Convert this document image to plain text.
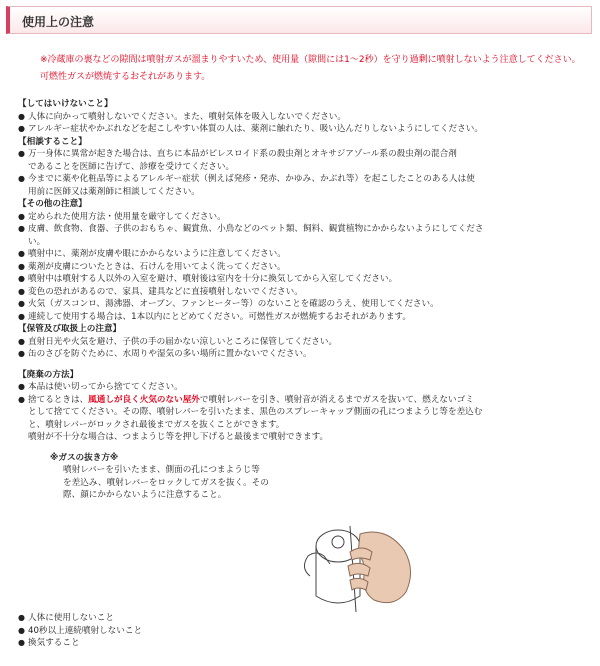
使用上の注意
※冷蔵庫の裏などの隙間は噴射ガスが溜まりやすいため、使用量（隙間には1〜2秒）を守り過剰に噴射しないよう注意してください。可燃性ガスが燃焼するおそれがあります。
【してはいけないこと】
● 人体に向かって噴射しないでください。また、噴射気体を吸入しないでください。
● アレルギー症状やかぶれなどを起こしやすい体質の人は、薬剤に触れたり、吸い込んだりしないようにしてください。
【相談すること】
● 万一身体に異常が起きた場合は、直ちに本品がピレスロイド系の殺虫剤とオキサジアゾール系の殺虫剤の混合剤
であることを医師に告げて、診療を受けてください。
● 今までに薬や化粧品等によるアレルギー症状（例えば発疹・発赤、かゆみ、かぶれ等）を起こしたことのある人は使
用前に医師又は薬剤師に相談してください。
【その他の注意】
● 定められた使用方法・使用量を厳守してください。
● 皮膚、飲食物、食器、子供のおもちゃ、観賞魚、小鳥などのペット類、飼料、観賞植物にかからないようにしてくださ
い。
● 噴射中に、薬剤が皮膚や眼にかからないように注意してください。
● 薬剤が皮膚についたときは、石けんを用いてよく洗ってください。
● 噴射中は噴射する人以外の入室を避け、噴射後は室内を十分に換気してから入室してください。
● 変色の恐れがあるので、家具、建具などに直接噴射しないでください。
● 火気（ガスコンロ、湯沸器、オーブン、ファンヒーター等）のないことを確認のうえ、使用してください。
● 連続して使用する場合は、1本以内にとどめてください。可燃性ガスが燃焼するおそれがあります。
【保管及び取扱上の注意】
● 直射日光や火気を避け、子供の手の届かない涼しいところに保管してください。
● 缶のさびを防ぐために、水周りや湿気の多い場所に置かないでください。
【廃棄の方法】
● 本品は使い切ってから捨ててください。
● 捨てるときは、風通しが良く火気のない屋外で噴射レバーを引き、噴射音が消えるまでガスを抜いて、燃えないゴミ
として捨ててください。その際、噴射レバーを引いたまま、黒色のスプレーキャップ側面の孔につまようじ等を差込む
と、噴射レバーがロックされ最後までガスを抜くことができます。
噴射が不十分な場合は、つまようじ等を押し下げると最後まで噴射できます。
※ガスの抜き方※
噴射レバーを引いたまま、側面の孔につまようじ等
を差込み、噴射レバーをロックしてガスを抜く。その
際、顔にかからないように注意すること。
● 人体に使用しないこと
● 40秒以上連続噴射しないこと
● 換気すること
